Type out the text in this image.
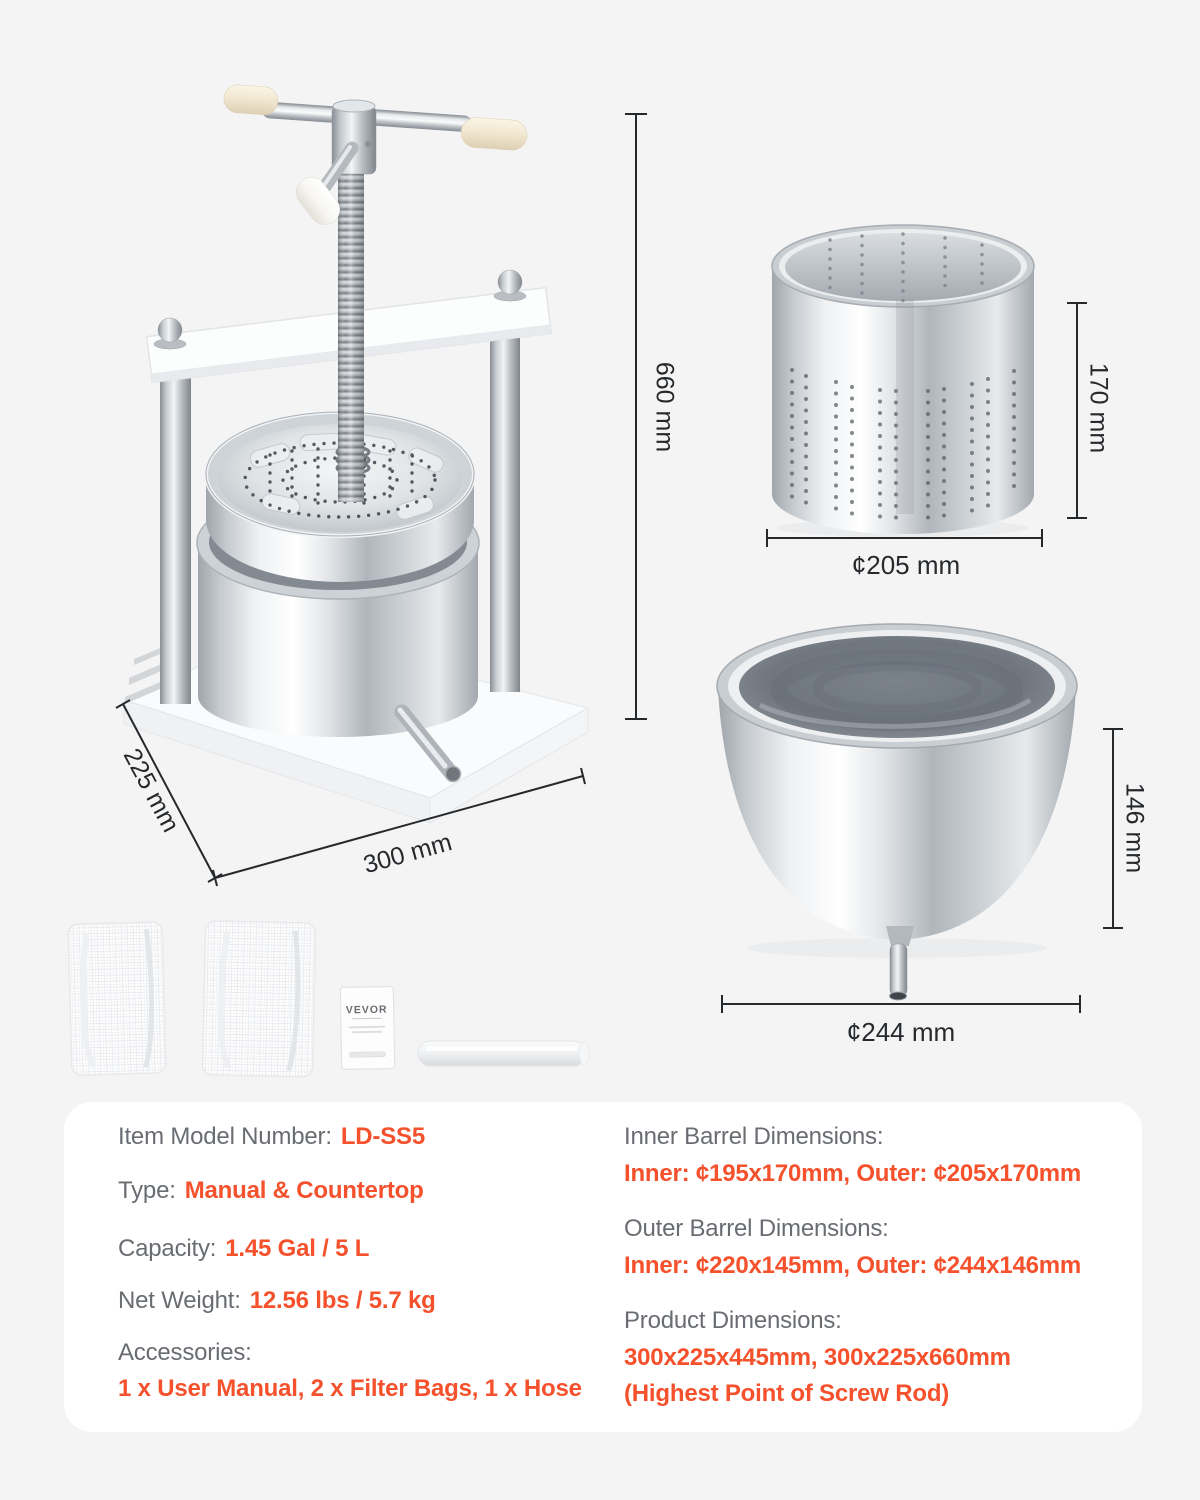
660 mm
225 mm
300 mm
170 mm
¢205 mm
146 mm
¢244 mm
VEVOR
Item Model Number: LD-SS5
Type: Manual & Countertop
Capacity: 1.45 Gal / 5 L
Net Weight: 12.56 lbs / 5.7 kg
Accessories:
1 x User Manual, 2 x Filter Bags, 1 x Hose
Inner Barrel Dimensions:
Inner: ¢195x170mm, Outer: ¢205x170mm
Outer Barrel Dimensions:
Inner: ¢220x145mm, Outer: ¢244x146mm
Product Dimensions:
300x225x445mm, 300x225x660mm
(Highest Point of Screw Rod)
